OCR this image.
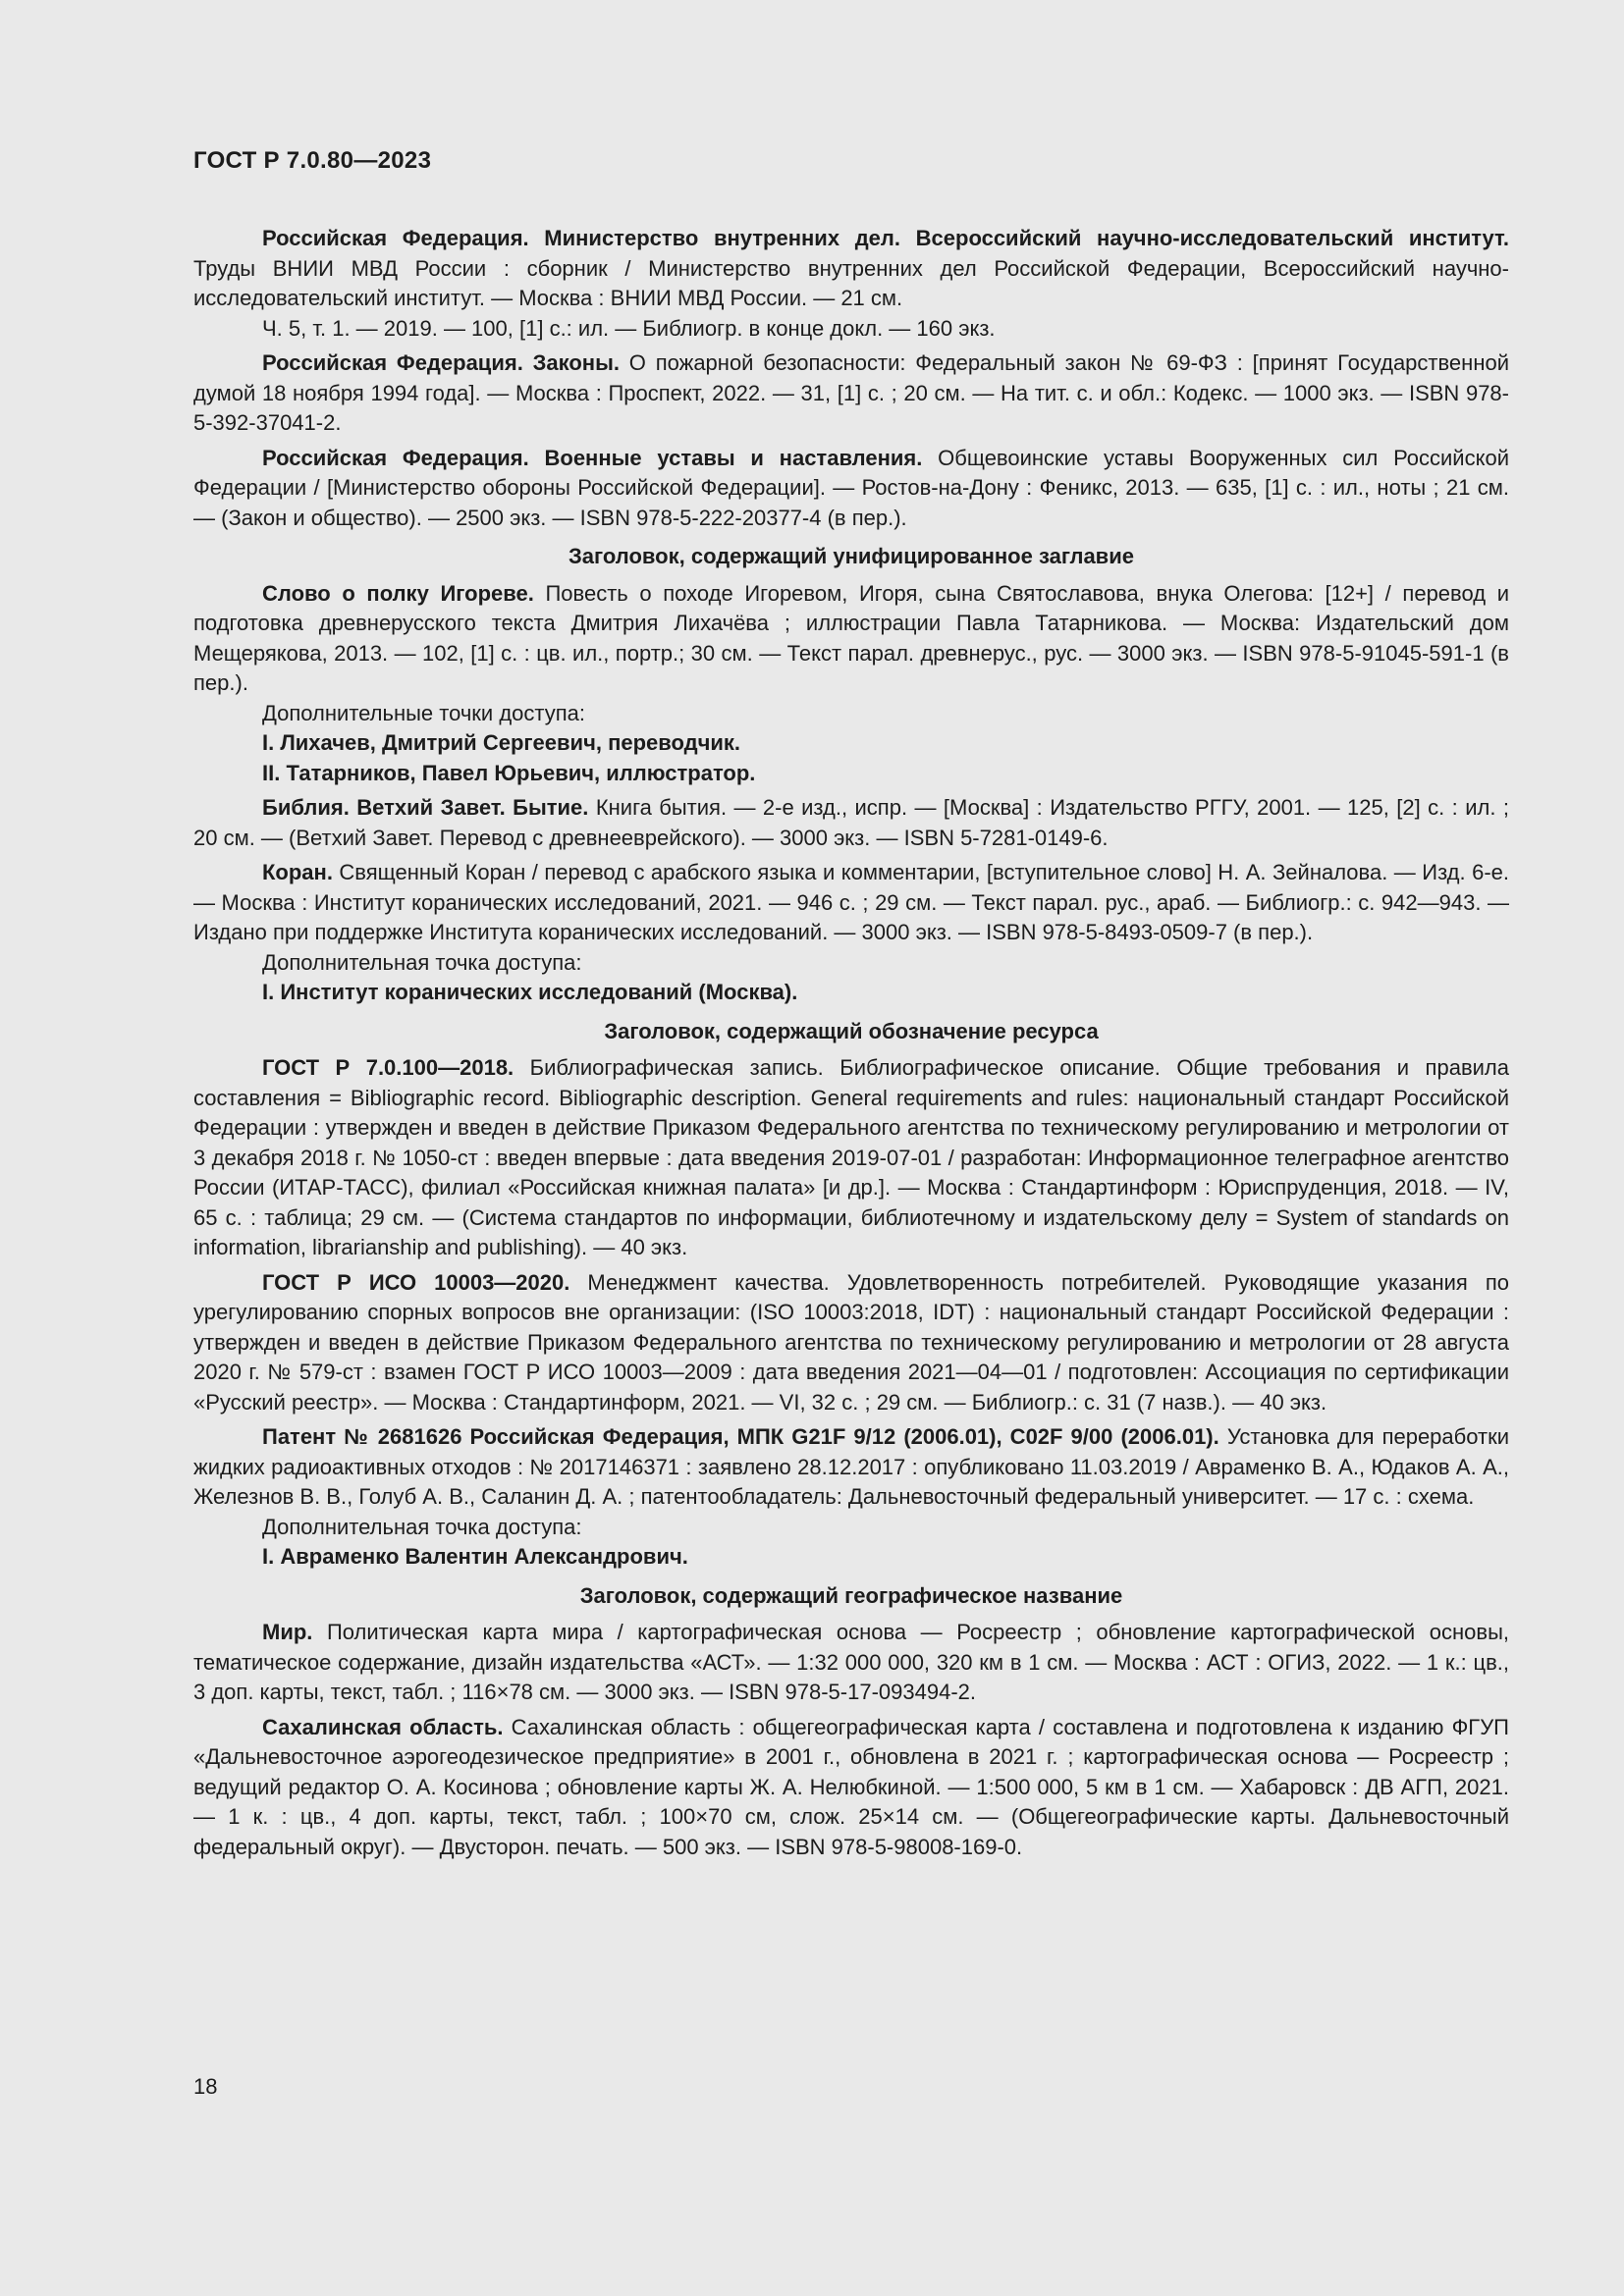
ГОСТ Р 7.0.80—2023

Российская Федерация. Министерство внутренних дел. Всероссийский научно-исследовательский институт. Труды ВНИИ МВД России : сборник / Министерство внутренних дел Российской Федерации, Всероссийский научно-исследовательский институт. — Москва : ВНИИ МВД России. — 21 см.

Ч. 5, т. 1. — 2019. — 100, [1] с.: ил. — Библиогр. в конце докл. — 160 экз.

Российская Федерация. Законы. О пожарной безопасности: Федеральный закон № 69-ФЗ : [принят Государственной думой 18 ноября 1994 года]. — Москва : Проспект, 2022. — 31, [1] с. ; 20 см. — На тит. с. и обл.: Кодекс. — 1000 экз. — ISBN 978-5-392-37041-2.

Российская Федерация. Военные уставы и наставления. Общевоинские уставы Вооруженных сил Российской Федерации / [Министерство обороны Российской Федерации]. — Ростов-на-Дону : Феникс, 2013. — 635, [1] с. : ил., ноты ; 21 см. — (Закон и общество). — 2500 экз. — ISBN 978-5-222-20377-4 (в пер.).

Заголовок, содержащий унифицированное заглавие

Слово о полку Игореве. Повесть о походе Игоревом, Игоря, сына Святославова, внука Олегова: [12+] / перевод и подготовка древнерусского текста Дмитрия Лихачёва ; иллюстрации Павла Татарникова. — Москва: Издательский дом Мещерякова, 2013. — 102, [1] с. : цв. ил., портр.; 30 см. — Текст парал. древнерус., рус. — 3000 экз. — ISBN 978-5-91045-591-1 (в пер.).

Дополнительные точки доступа:

I. Лихачев, Дмитрий Сергеевич, переводчик.

II. Татарников, Павел Юрьевич, иллюстратор.

Библия. Ветхий Завет. Бытие. Книга бытия. — 2-е изд., испр. — [Москва] : Издательство РГГУ, 2001. — 125, [2] с. : ил. ; 20 см. — (Ветхий Завет. Перевод с древнееврейского). — 3000 экз. — ISBN 5-7281-0149-6.

Коран. Священный Коран / перевод с арабского языка и комментарии, [вступительное слово] Н. А. Зейналова. — Изд. 6-е. — Москва : Институт коранических исследований, 2021. — 946 с. ; 29 см. — Текст парал. рус., араб. — Библиогр.: с. 942—943. — Издано при поддержке Института коранических исследований. — 3000 экз. — ISBN 978-5-8493-0509-7 (в пер.).

Дополнительная точка доступа:

I. Институт коранических исследований (Москва).

Заголовок, содержащий обозначение ресурса

ГОСТ Р 7.0.100—2018. Библиографическая запись. Библиографическое описание. Общие требования и правила составления = Bibliographic record. Bibliographic description. General requirements and rules: национальный стандарт Российской Федерации : утвержден и введен в действие Приказом Федерального агентства по техническому регулированию и метрологии от 3 декабря 2018 г. № 1050-ст : введен впервые : дата введения 2019-07-01 / разработан: Информационное телеграфное агентство России (ИТАР-ТАСС), филиал «Российская книжная палата» [и др.]. — Москва : Стандартинформ : Юриспруденция, 2018. — IV, 65 с. : таблица; 29 см. — (Система стандартов по информации, библиотечному и издательскому делу = System of standards on information, librarianship and publishing). — 40 экз.

ГОСТ Р ИСО 10003—2020. Менеджмент качества. Удовлетворенность потребителей. Руководящие указания по урегулированию спорных вопросов вне организации: (ISO 10003:2018, IDT) : национальный стандарт Российской Федерации : утвержден и введен в действие Приказом Федерального агентства по техническому регулированию и метрологии от 28 августа 2020 г. № 579-ст : взамен ГОСТ Р ИСО 10003—2009 : дата введения 2021—04—01 / подготовлен: Ассоциация по сертификации «Русский реестр». — Москва : Стандартинформ, 2021. — VI, 32 с. ; 29 см. — Библиогр.: с. 31 (7 назв.). — 40 экз.

Патент № 2681626 Российская Федерация, МПК G21F 9/12 (2006.01), C02F 9/00 (2006.01). Установка для переработки жидких радиоактивных отходов : № 2017146371 : заявлено 28.12.2017 : опубликовано 11.03.2019 / Авраменко В. А., Юдаков А. А., Железнов В. В., Голуб А. В., Саланин Д. А. ; патентообладатель: Дальневосточный федеральный университет. — 17 с. : схема.

Дополнительная точка доступа:

I. Авраменко Валентин Александрович.

Заголовок, содержащий географическое название

Мир. Политическая карта мира / картографическая основа — Росреестр ; обновление картографической основы, тематическое содержание, дизайн издательства «АСТ». — 1:32 000 000, 320 км в 1 см. — Москва : АСТ : ОГИЗ, 2022. — 1 к.: цв., 3 доп. карты, текст, табл. ; 116×78 см. — 3000 экз. — ISBN 978-5-17-093494-2.

Сахалинская область. Сахалинская область : общегеографическая карта / составлена и подготовлена к изданию ФГУП «Дальневосточное аэрогеодезическое предприятие» в 2001 г., обновлена в 2021 г. ; картографическая основа — Росреестр ; ведущий редактор О. А. Косинова ; обновление карты Ж. А. Нелюбкиной. — 1:500 000, 5 км в 1 см. — Хабаровск : ДВ АГП, 2021. — 1 к. : цв., 4 доп. карты, текст, табл. ; 100×70 см, слож. 25×14 см. — (Общегеографические карты. Дальневосточный федеральный округ). — Двусторон. печать. — 500 экз. — ISBN 978-5-98008-169-0.

18
